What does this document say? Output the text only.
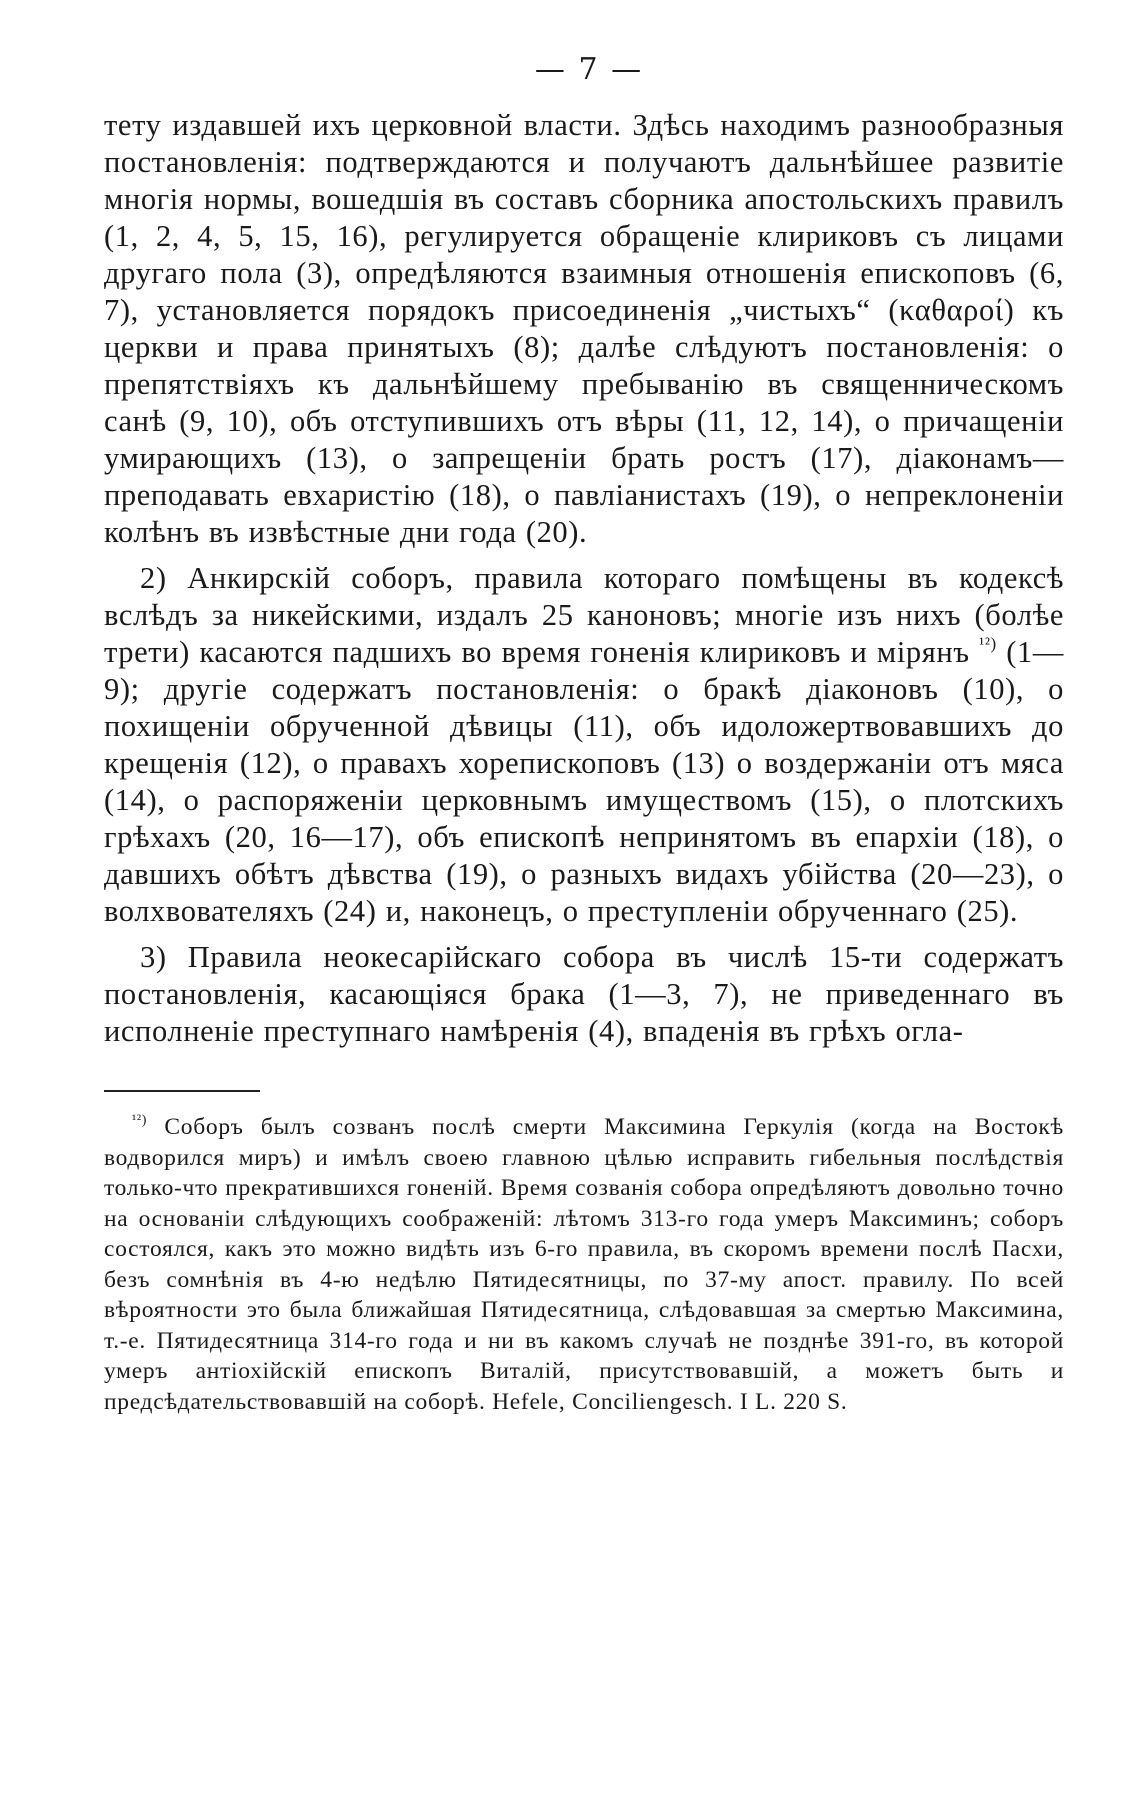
— 7 —

тету издавшей ихъ церковной власти. Здѣсь находимъ разнообразныя постановленія: подтверждаются и получаютъ дальнѣйшее развитіе многія нормы, вошедшія въ составъ сборника апостольскихъ правилъ (1, 2, 4, 5, 15, 16), регулируется обращеніе клириковъ съ лицами другаго пола (3), опредѣляются взаимныя отношенія епископовъ (6, 7), установляется порядокъ присоединенія „чистыхъ“ (καθαροί) къ церкви и права принятыхъ (8); далѣе слѣдуютъ постановленія: о препятствіяхъ къ дальнѣйшему пребыванію въ священническомъ санѣ (9, 10), объ отступившихъ отъ вѣры (11, 12, 14), о причащеніи умирающихъ (13), о запрещеніи брать ростъ (17), діаконамъ—преподавать евхаристію (18), о павліанистахъ (19), о непреклоненіи колѣнъ въ извѣстные дни года (20).

2) Анкирскій соборъ, правила котораго помѣщены въ кодексѣ вслѣдъ за никейскими, издалъ 25 каноновъ; многіе изъ нихъ (болѣе трети) касаются падшихъ во время гоненія клириковъ и мірянъ $^{^{12})}$ (1—9); другіе содержатъ постановленія: о бракѣ діаконовъ (10), о похищеніи обрученной дѣвицы (11), объ идоложертвовавшихъ до крещенія (12), о правахъ хорепископовъ (13) о воздержаніи отъ мяса (14), о распоряженіи церковнымъ имуществомъ (15), о плотскихъ грѣхахъ (20, 16—17), объ епископѣ непринятомъ въ епархіи (18), о давшихъ обѣтъ дѣвства (19), о разныхъ видахъ убійства (20—23), о волхвователяхъ (24) и, наконецъ, о преступленіи обрученнаго (25).

3) Правила неокесарійскаго собора въ числѣ 15-ти содержатъ постановленія, касающіяся брака (1—3, 7), не приведеннаго въ исполненіе преступнаго намѣренія (4), впаденія въ грѣхъ огла-

$^{^{12})}$ Соборъ былъ созванъ послѣ смерти Максимина Геркулія (когда на Востокѣ водворился миръ) и имѣлъ своею главною цѣлью исправить гибельныя послѣдствія только-что прекратившихся гоненій. Время созванія собора опредѣляютъ довольно точно на основаніи слѣдующихъ соображеній: лѣтомъ 313-го года умеръ Максиминъ; соборъ состоялся, какъ это можно видѣть изъ 6-го правила, въ скоромъ времени послѣ Пасхи, безъ сомнѣнія въ 4-ю недѣлю Пятидесятницы, по 37-му апост. правилу. По всей вѣроятности это была ближайшая Пятидесятница, слѣдовавшая за смертью Максимина, т.-е. Пятидесятница 314-го года и ни въ какомъ случаѣ не позднѣе 391-го, въ которой умеръ антіохійскій епископъ Виталій, присутствовавшій, а можетъ быть и предсѣдательствовавшій на соборѣ. Hefele, Conciliengesch. I L. 220 S.
